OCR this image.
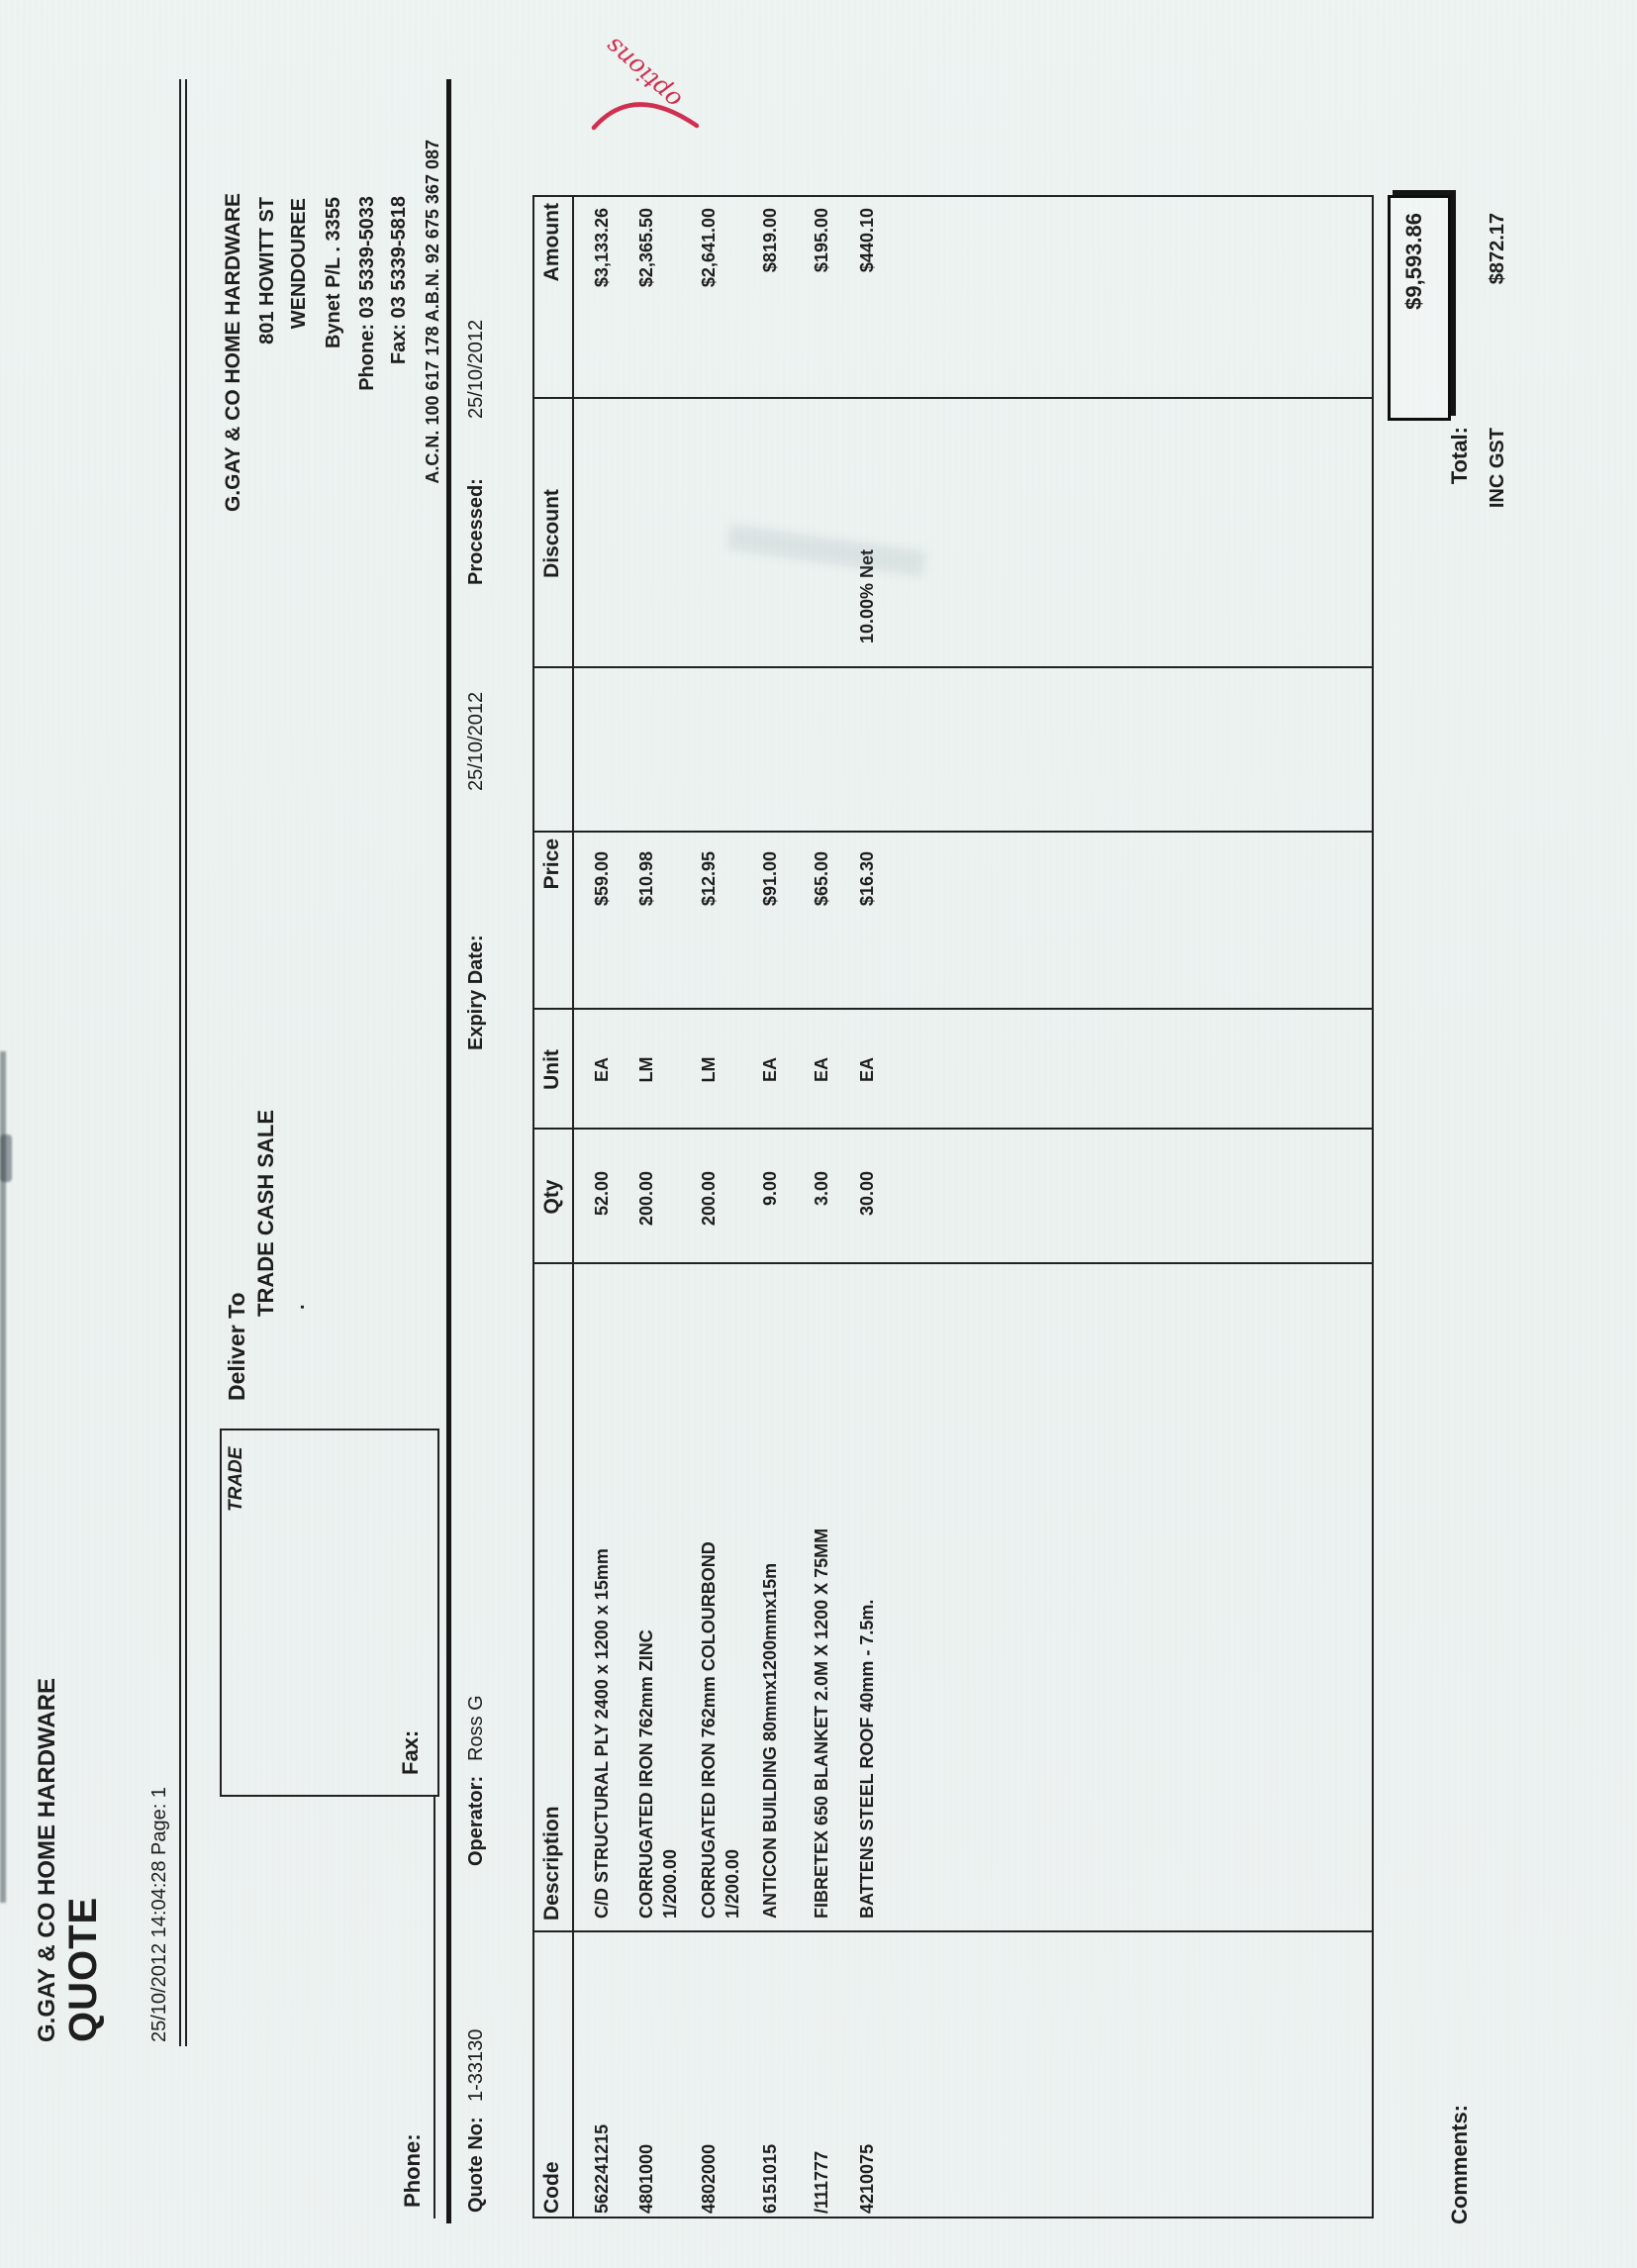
G.GAY & CO HOME HARDWARE QUOTE 25/10/2012 14:04:28 Page: 1
G.GAY & CO HOME HARDWARE 801 HOWITT ST WENDOUREE Bynet P/L . 3355 Phone: 03 5339-5033 Fax: 03 5339-5818 A.C.N. 100 617 178 A.B.N. 92 675 367 087
TRADE
Deliver To
TRADE CASH SALE .
Phone:
Fax:
Quote No:
1-33130
Operator:
Ross G
Expiry Date:
25/10/2012
Processed:
25/10/2012
Code
Description
Qty
Unit
Price
Discount
Amount
562241215
C/D STRUCTURAL PLY 2400 x 1200 x 15mm
52.00
EA
$59.00
$3,133.26
4801000
CORRUGATED IRON 762mm ZINC 1/200.00
200.00
LM
$10.98
$2,365.50
4802000
CORRUGATED IRON 762mm COLOURBOND 1/200.00
200.00
LM
$12.95
$2,641.00
6151015
ANTICON BUILDING 80mmx1200mmx15m
9.00
EA
$91.00
$819.00
/111777
FIBRETEX 650 BLANKET 2.0M X 1200 X 75MM
3.00
EA
$65.00
$195.00
4210075
BATTENS STEEL ROOF 40mm - 7.5m.
30.00
EA
$16.30
10.00% Net
$440.10	$9,593.86
Total: INC GST
$872.17
Comments:
options
